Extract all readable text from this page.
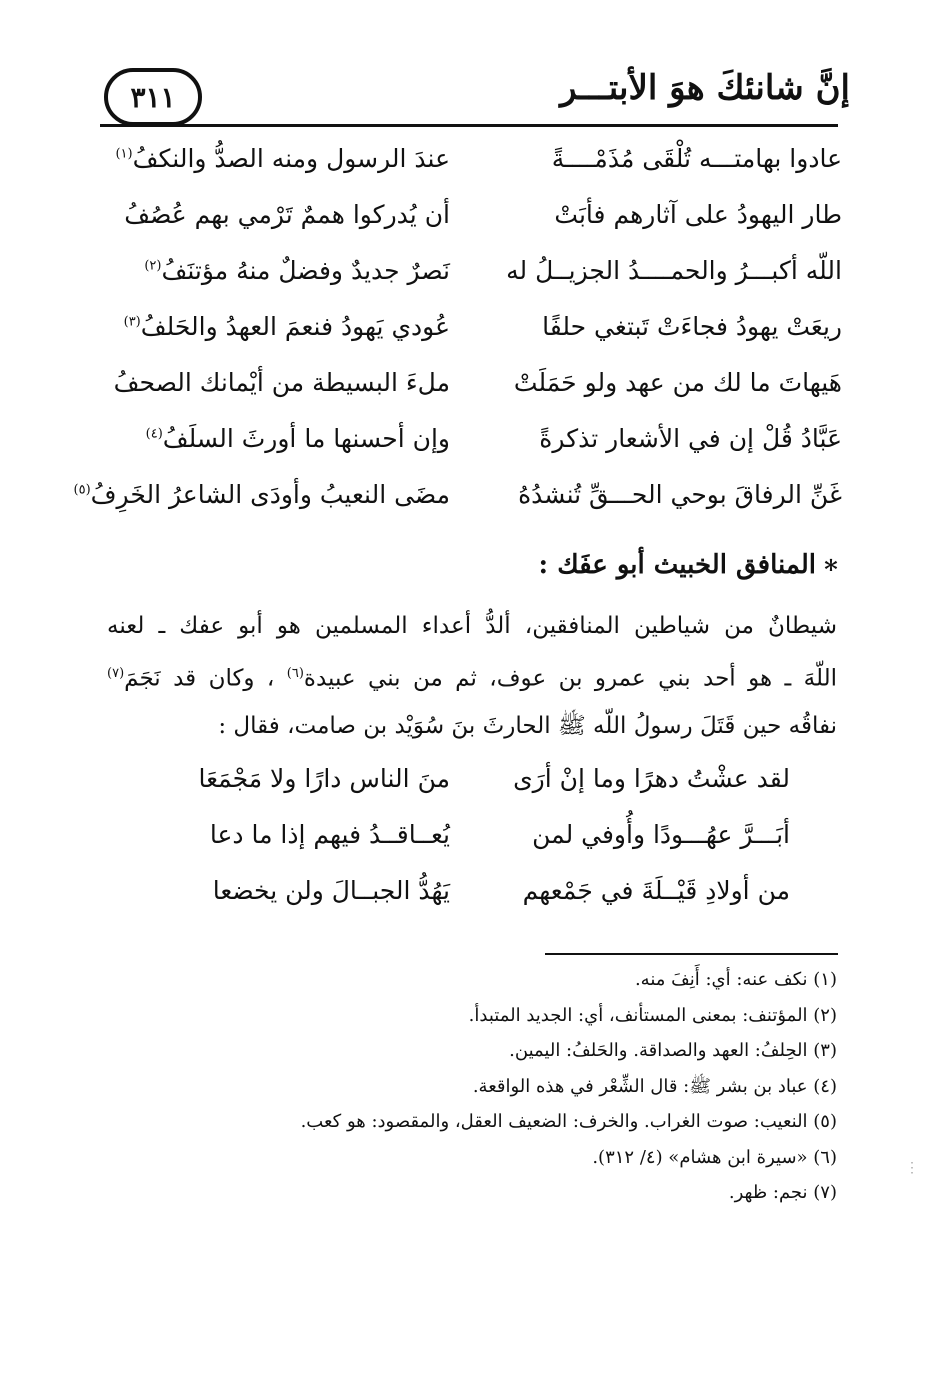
إنَّ شانئكَ هوَ الأبتـــر
٣١١
عادوا بهامتـــه تُلْقَى مُذَمْــــةً
عندَ الرسول ومنه الصدُّ والنكفُ$^{(١)}$
طار اليهودُ على آثارهم فأبَتْ
أن يُدركوا هممٌ تَرْمي بهم عُصُفُ
اللّه أكبـــرُ والحمــــدُ الجزيــلُ له
نَصرٌ جديدٌ وفضلٌ منهُ مؤتنَفُ$^{(٢)}$
ريعَتْ يهودُ فجاءَتْ تَبتغي حلفًا
عُودي يَهودُ فنعمَ العهدُ والحَلفُ$^{(٣)}$
هَيهاتَ ما لك من عهد ولو حَمَلَتْ
ملءَ البسيطة من أيْمانك الصحفُ
عَبَّادُ قُلْ إن في الأشعار تذكرةً
وإن أحسنها ما أورثَ السلَفُ$^{(٤)}$
غَنِّ الرفاقَ بوحي الحـــقِّ تُنشدُهُ
مضَى النعيبُ وأودَى الشاعرُ الخَرِفُ$^{(٥)}$
∗المنافق الخبيث أبو عفَك :
شيطانٌ من شياطين المنافقين، ألدُّ أعداء المسلمين هو أبو عفك ـ لعنه
اللّهَ ـ هو أحد بني عمرو بن عوف، ثم من بني عبيدة$^{(٦)}$ ، وكان قد نَجَمَ$^{(٧)}$
نفاقُه حين قَتَلَ رسولُ اللّه ﷺ الحارثَ بنَ سُوَيْد بن صامت، فقال :
لقد عشْتُ دهرًا وما إنْ أرَى
منَ الناس دارًا ولا مَجْمَعَا
أبَـــرَّ عهُـــودًا وأُوفي لمن
يُعــاقــدُ فيهم إذا ما دعا
من أولادِ قَيْــلَةَ في جَمْعهم
يَهُدُّ الجبــالَ ولن يخضعا
(١) نكف عنه: أي: أَنِفَ منه.
(٢) المؤتنف: بمعنى المستأنف، أي: الجديد المتبدأ.
(٣) الحِلفُ: العهد والصداقة. والحَلفُ: اليمين.
(٤) عباد بن بشر ﷺ: قال الشِّعْر في هذه الواقعة.
(٥) النعيب: صوت الغراب. والخرف: الضعيف العقل، والمقصود: هو كعب.
(٦) «سيرة ابن هشام» (٤/ ٣١٢).
(٧) نجم: ظهر.
⋮
